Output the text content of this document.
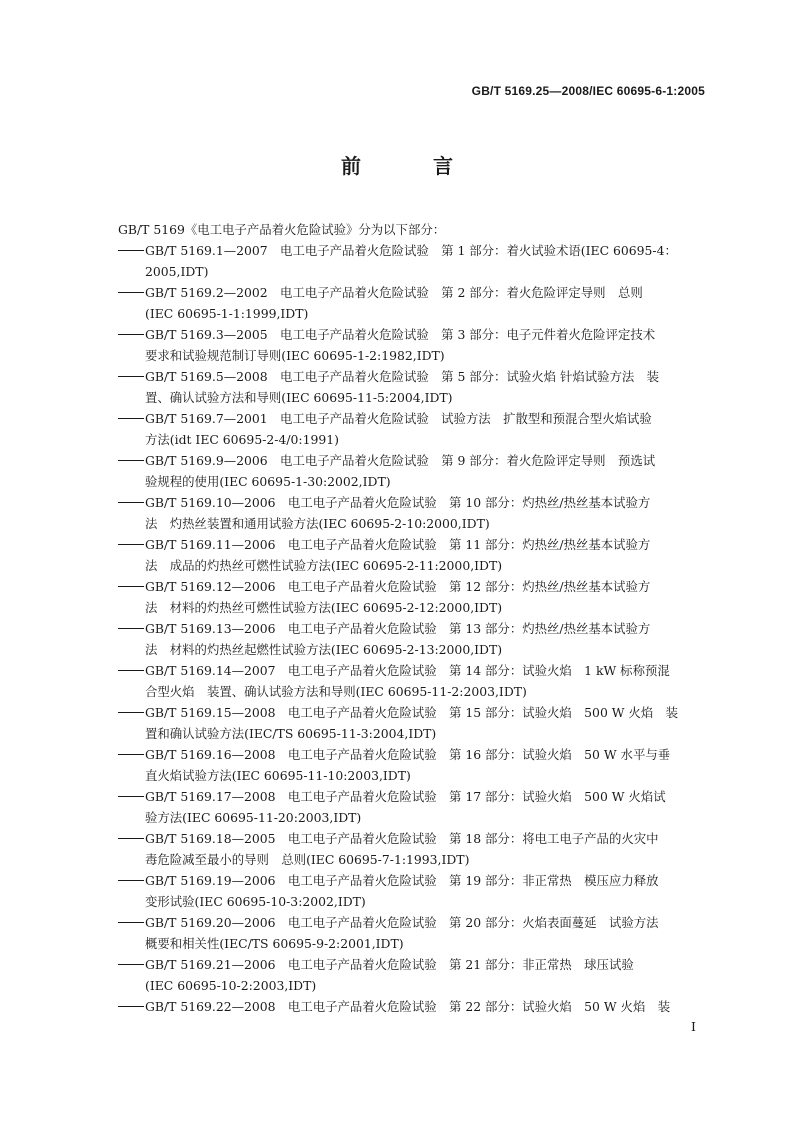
GB/T 5169.25—2008/IEC 60695-6-1:2005
前　言
GB/T 5169《电工电子产品着火危险试验》分为以下部分：
GB/T 5169.1—2007　电工电子产品着火危险试验　第 1 部分：着火试验术语(IEC 60695-4：
2005,IDT)
GB/T 5169.2—2002　电工电子产品着火危险试验　第 2 部分：着火危险评定导则　总则
(IEC 60695-1-1:1999,IDT)
GB/T 5169.3—2005　电工电子产品着火危险试验　第 3 部分：电子元件着火危险评定技术
要求和试验规范制订导则(IEC 60695-1-2:1982,IDT)
GB/T 5169.5—2008　电工电子产品着火危险试验　第 5 部分：试验火焰 针焰试验方法　装
置、确认试验方法和导则(IEC 60695-11-5:2004,IDT)
GB/T 5169.7—2001　电工电子产品着火危险试验　试验方法　扩散型和预混合型火焰试验
方法(idt IEC 60695-2-4/0:1991)
GB/T 5169.9—2006　电工电子产品着火危险试验　第 9 部分：着火危险评定导则　预选试
验规程的使用(IEC 60695-1-30:2002,IDT)
GB/T 5169.10—2006　电工电子产品着火危险试验　第 10 部分：灼热丝/热丝基本试验方
法　灼热丝装置和通用试验方法(IEC 60695-2-10:2000,IDT)
GB/T 5169.11—2006　电工电子产品着火危险试验　第 11 部分：灼热丝/热丝基本试验方
法　成品的灼热丝可燃性试验方法(IEC 60695-2-11:2000,IDT)
GB/T 5169.12—2006　电工电子产品着火危险试验　第 12 部分：灼热丝/热丝基本试验方
法　材料的灼热丝可燃性试验方法(IEC 60695-2-12:2000,IDT)
GB/T 5169.13—2006　电工电子产品着火危险试验　第 13 部分：灼热丝/热丝基本试验方
法　材料的灼热丝起燃性试验方法(IEC 60695-2-13:2000,IDT)
GB/T 5169.14—2007　电工电子产品着火危险试验　第 14 部分：试验火焰　1 kW 标称预混
合型火焰　装置、确认试验方法和导则(IEC 60695-11-2:2003,IDT)
GB/T 5169.15—2008　电工电子产品着火危险试验　第 15 部分：试验火焰　500 W 火焰　装
置和确认试验方法(IEC/TS 60695-11-3:2004,IDT)
GB/T 5169.16—2008　电工电子产品着火危险试验　第 16 部分：试验火焰　50 W 水平与垂
直火焰试验方法(IEC 60695-11-10:2003,IDT)
GB/T 5169.17—2008　电工电子产品着火危险试验　第 17 部分：试验火焰　500 W 火焰试
验方法(IEC 60695-11-20:2003,IDT)
GB/T 5169.18—2005　电工电子产品着火危险试验　第 18 部分：将电工电子产品的火灾中
毒危险减至最小的导则　总则(IEC 60695-7-1:1993,IDT)
GB/T 5169.19—2006　电工电子产品着火危险试验　第 19 部分：非正常热　模压应力释放
变形试验(IEC 60695-10-3:2002,IDT)
GB/T 5169.20—2006　电工电子产品着火危险试验　第 20 部分：火焰表面蔓延　试验方法
概要和相关性(IEC/TS 60695-9-2:2001,IDT)
GB/T 5169.21—2006　电工电子产品着火危险试验　第 21 部分：非正常热　球压试验
(IEC 60695-10-2:2003,IDT)
GB/T 5169.22—2008　电工电子产品着火危险试验　第 22 部分：试验火焰　50 W 火焰　装
I
